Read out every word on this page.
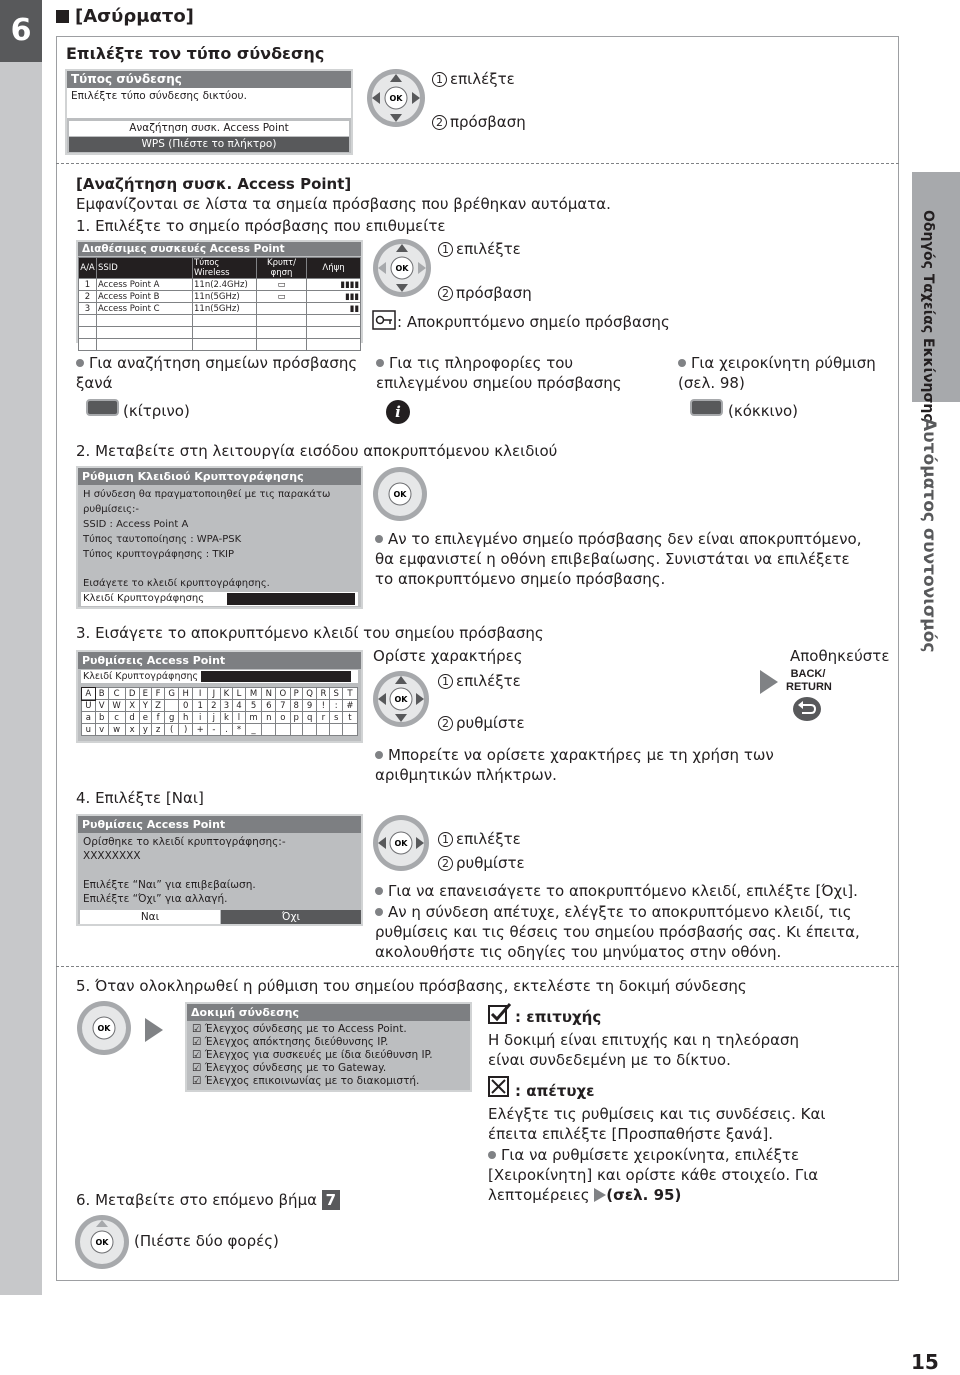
6	[Ασύρματο]
Οδηγός Ταχείας Εκκίνησης
Αυτόματος συντονισμός
15
Επιλέξτε τον τύπο σύνδεσης
Τύπος σύνδεσης
Επιλέξτε τύπο σύνδεσης δικτύου.
Αναζήτηση συσκ. Access Point
WPS (Πιέστε το πλήκτρο)
OK
1 επιλέξτε
2 πρόσβαση
[Αναζήτηση συσκ. Access Point]
Εμφανίζονται σε λίστα τα σημεία πρόσβασης που βρέθηκαν αυτόματα.
1. Επιλέξτε το σημείο πρόσβασης που επιθυμείτε
Διαθέσιμες συσκευές Access Point
A/A	SSID	Τύπος Wireless	Κρυπτ/φηση	Λήψη
1	Access Point A	11n(2.4GHz)	▭	▮▮▮▮
2	Access Point B	11n(5GHz)	▭	▮▮▮
3	Access Point C	11n(5GHz)		▮▮

OK
1 επιλέξτε
2 πρόσβαση
: Αποκρυπτόμενο σημείο πρόσβασης
Για αναζήτηση σημείων πρόσβασης ξανά
(κίτρινο)
Για τις πληροφορίες του επιλεγμένου σημείου πρόσβασης
i
Για χειροκίνητη ρύθμιση (σελ. 98)
(κόκκινο)
2. Μεταβείτε στη λειτουργία εισόδου αποκρυπτόμενου κλειδιού
Ρύθμιση Κλειδιού Κρυπτογράφησης
Η σύνδεση θα πραγματοποιηθεί με τις παρακάτω ρυθμίσεις:-
SSID : Access Point A
Τύπος ταυτοποίησης : WPA-PSK
Τύπος κρυπτογράφησης : TKIP
Εισάγετε το κλειδί κρυπτογράφησης.
Κλειδί Κρυπτογράφησης
OK
Αν το επιλεγμένο σημείο πρόσβασης δεν είναι αποκρυπτόμενο, θα εμφανιστεί η οθόνη επιβεβαίωσης. Συνιστάται να επιλέξετε το αποκρυπτόμενο σημείο πρόσβασης.
3. Εισάγετε το αποκρυπτόμενο κλειδί του σημείου πρόσβασης
Ρυθμίσεις Access Point
Κλειδί Κρυπτογράφησης
A	B	C	D	E	F	G	H	I	J	K	L	M	N	O	P	Q	R	S	T
U	V	W	X	Y	Z		0	1	2	3	4	5	6	7	8	9	!	:	#
a	b	c	d	e	f	g	h	i	j	k	l	m	n	o	p	q	r	s	t
u	v	w	x	y	z	(	)	+	-	.	*	_							
OK
Ορίστε χαρακτήρες
1 επιλέξτε
2 ρυθμίστε
Αποθηκεύστε
BACK/ RETURN
Μπορείτε να ορίσετε χαρακτήρες με τη χρήση των αριθμητικών πλήκτρων.
4. Επιλέξτε [Ναι]
Ρυθμίσεις Access Point
Ορίσθηκε το κλειδί κρυπτογράφησης:-
XXXXXXXX
Επιλέξτε “Ναι” για επιβεβαίωση.
Επιλέξτε “Όχι” για αλλαγή.
Ναι	Όχι
OK	1 επιλέξτε
2 ρυθμίστε
Για να επανεισάγετε το αποκρυπτόμενο κλειδί, επιλέξτε [Όχι].
Αν η σύνδεση απέτυχε, ελέγξτε το αποκρυπτόμενο κλειδί, τις ρυθμίσεις και τις θέσεις του σημείου πρόσβασής σας. Κι έπειτα, ακολουθήστε τις οδηγίες του μηνύματος στην οθόνη.
5. Όταν ολοκληρωθεί η ρύθμιση του σημείου πρόσβασης, εκτελέστε τη δοκιμή σύνδεσης
OK
Δοκιμή σύνδεσης
☑ Έλεγχος σύνδεσης με το Access Point.
☑ Έλεγχος απόκτησης διεύθυνσης IP.
☑ Έλεγχος για συσκευές με ίδια διεύθυνση IP.
☑ Έλεγχος σύνδεσης με το Gateway.
☑ Έλεγχος επικοινωνίας με το διακομιστή.
: επιτυχής
Η δοκιμή είναι επιτυχής και η τηλεόραση είναι συνδεδεμένη με το δίκτυο.
: απέτυχε
Ελέγξτε τις ρυθμίσεις και τις συνδέσεις. Και έπειτα επιλέξτε [Προσπαθήστε ξανά].
Για να ρυθμίσετε χειροκίνητα, επιλέξτε [Χειροκίνητη] και ορίστε κάθε στοιχείο. Για λεπτομέρειες (σελ. 95)
6. Μεταβείτε στο επόμενο βήμα 7
OK (Πιέστε δύο φορές)
